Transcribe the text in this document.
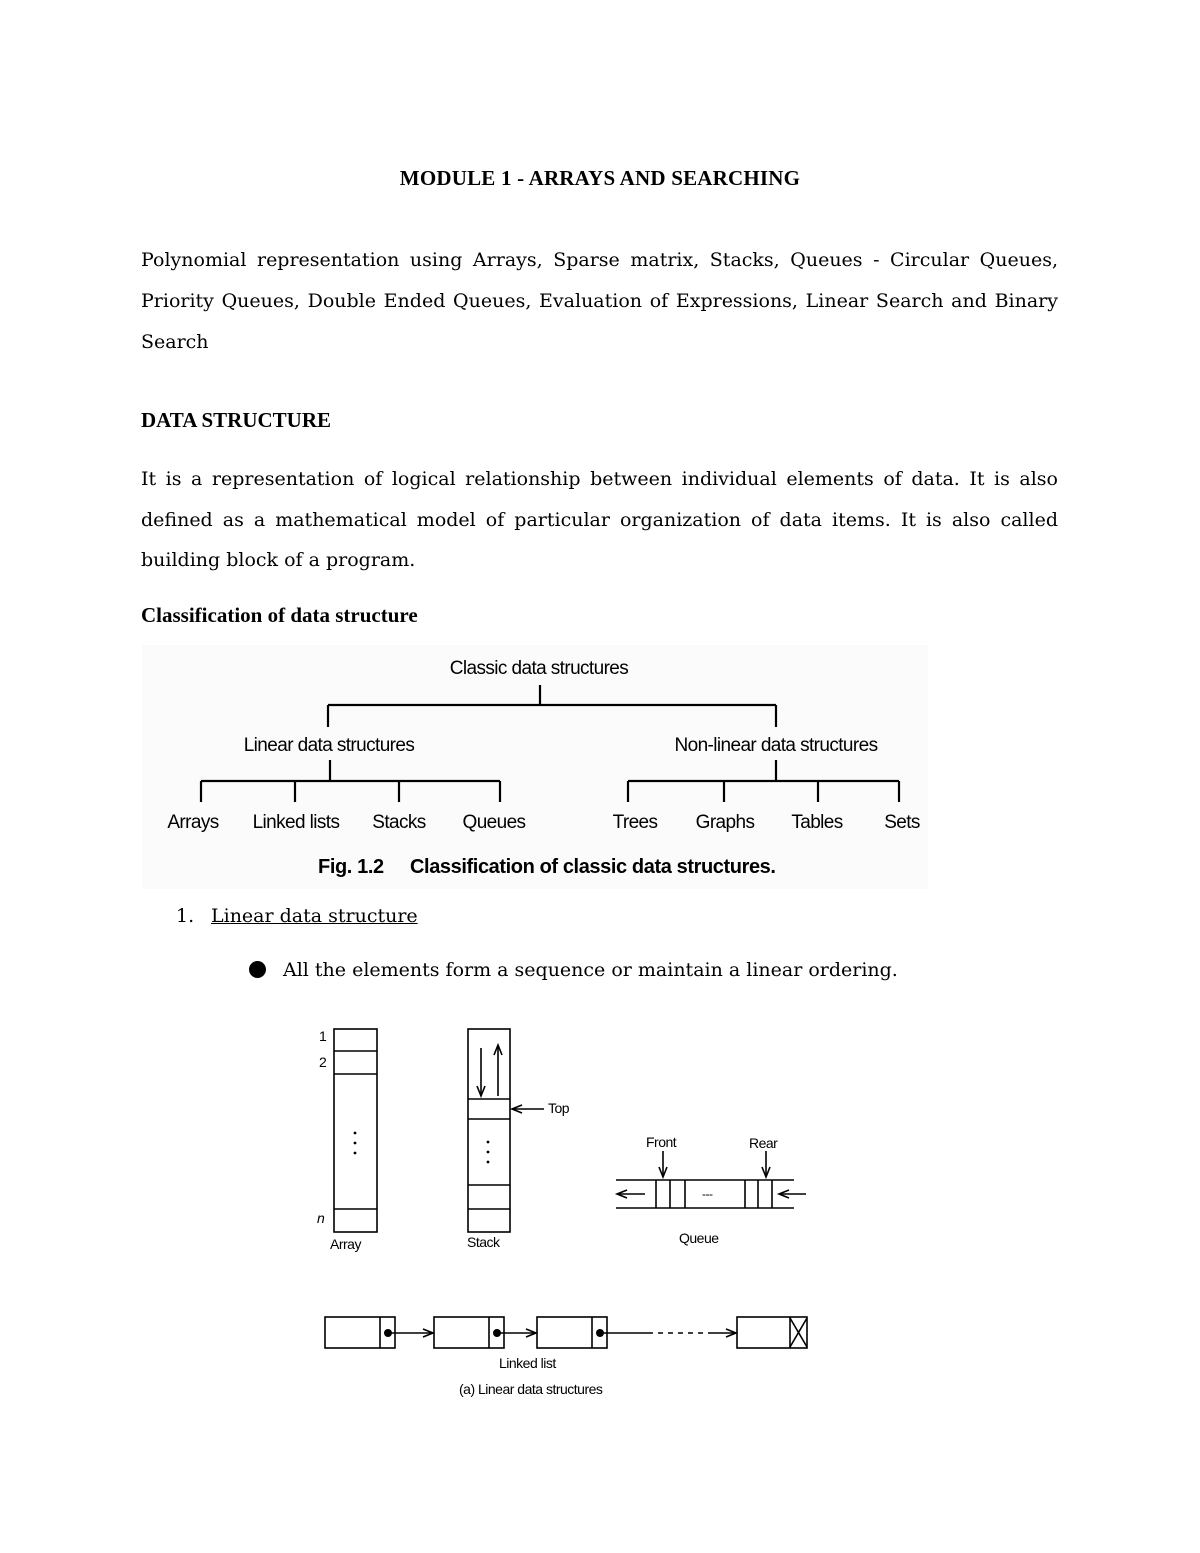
MODULE 1 - ARRAYS AND SEARCHING
Polynomial representation using Arrays, Sparse matrix, Stacks, Queues - Circular Queues, Priority Queues, Double Ended Queues, Evaluation of Expressions, Linear Search and Binary Search
DATA STRUCTURE
It is a representation of logical relationship between individual elements of data. It is also defined as a mathematical model of particular organization of data items. It is also called building block of a program.
Classification of data structure
Classic data structures
Linear data structures	Non-linear data structures
Arrays Linked lists Stacks Queues	Trees Graphs Tables Sets
Fig. 1.2 Classification of classic data structures.
1. Linear data structure
All the elements form a sequence or maintain a linear ordering.
1
2
n
Array	Stack
Top
Front	Rear
---
Queue
Linked list
(a) Linear data structures
